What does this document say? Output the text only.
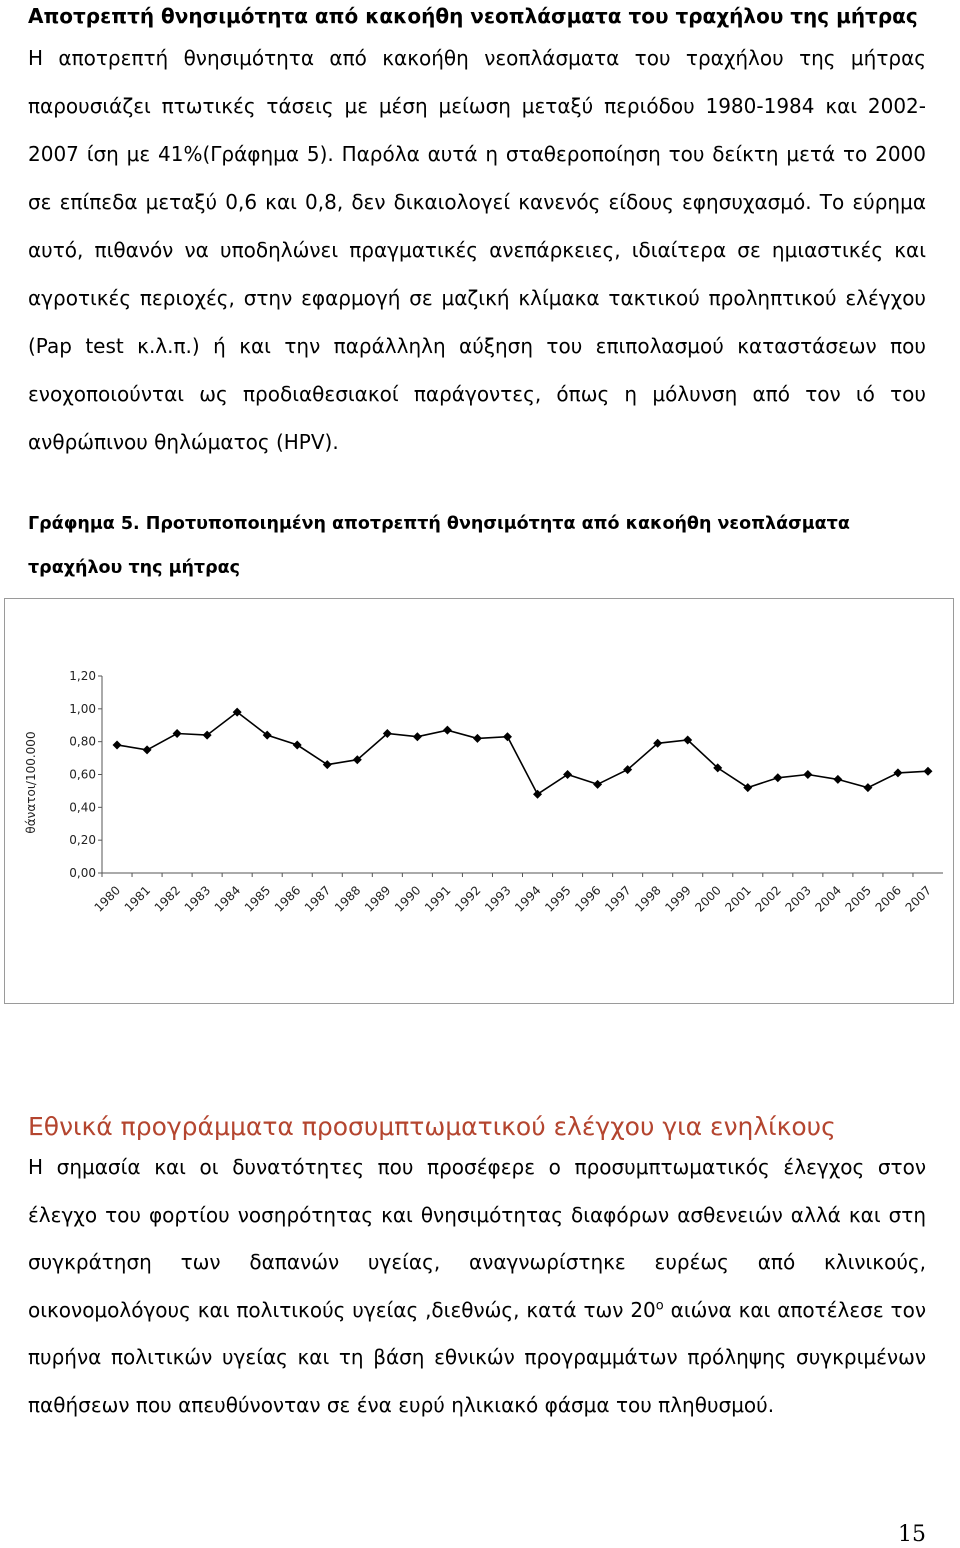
Αποτρεπτή θνησιμότητα από κακοήθη νεοπλάσματα του τραχήλου της μήτρας

Η αποτρεπτή θνησιμότητα από κακοήθη νεοπλάσματα του τραχήλου της μήτρας παρουσιάζει πτωτικές τάσεις με μέση μείωση μεταξύ περιόδου 1980-1984 και 2002-2007 ίση με 41%(Γράφημα 5). Παρόλα αυτά η σταθεροποίηση του δείκτη μετά το 2000 σε επίπεδα μεταξύ 0,6 και 0,8, δεν δικαιολογεί κανενός είδους εφησυχασμό. Το εύρημα αυτό, πιθανόν να υποδηλώνει πραγματικές ανεπάρκειες, ιδιαίτερα σε ημιαστικές και αγροτικές περιοχές, στην εφαρμογή σε μαζική κλίμακα τακτικού προληπτικού ελέγχου (Pap test κ.λ.π.) ή και την παράλληλη αύξηση του επιπολασμού καταστάσεων που ενοχοποιούνται ως προδιαθεσιακοί παράγοντες, όπως η μόλυνση από τον ιό του ανθρώπινου θηλώματος (HPV).

Γράφημα 5. Προτυποποιημένη αποτρεπτή θνησιμότητα από κακοήθη νεοπλάσματα τραχήλου της μήτρας
θάνατοι/100.000
0,00
0,20
0,40
0,60
0,80
1,00
1,20
1980
1981
1982
1983
1984
1985
1986
1987
1988
1989
1990
1991
1992
1993
1994
1995
1996
1997
1998
1999
2000
2001
2002
2003
2004
2005
2006
2007
Εθνικά προγράμματα προσυμπτωματικού ελέγχου για ενηλίκους

Η σημασία και οι δυνατότητες που προσέφερε ο προσυμπτωματικός έλεγχος στον έλεγχο του φορτίου νοσηρότητας και θνησιμότητας διαφόρων ασθενειών αλλά και στη συγκράτηση των δαπανών υγείας, αναγνωρίστηκε ευρέως από κλινικούς, οικονομολόγους και πολιτικούς υγείας ,διεθνώς, κατά των $20^o$ αιώνα και αποτέλεσε τον πυρήνα πολιτικών υγείας και τη βάση εθνικών προγραμμάτων πρόληψης συγκριμένων παθήσεων που απευθύνονταν σε ένα ευρύ ηλικιακό φάσμα του πληθυσμού.

15
